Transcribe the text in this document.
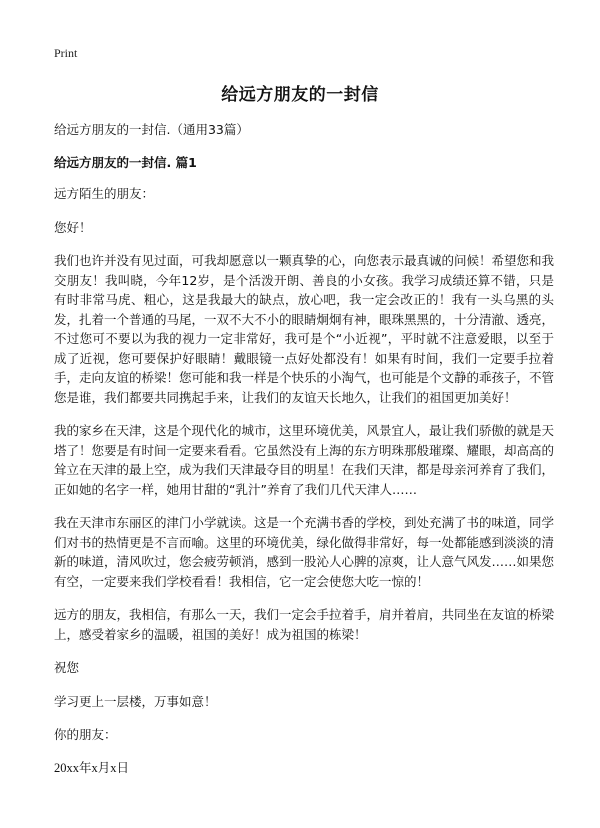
Print
给远方朋友的一封信

给远方朋友的一封信.（通用33篇）

给远方朋友的一封信. 篇1

远方陌生的朋友：

您好！

我们也许并没有见过面，可我却愿意以一颗真挚的心，向您表示最真诚的问候！希望您和我交朋友！我叫晓，今年12岁，是个活泼开朗、善良的小女孩。我学习成绩还算不错，只是有时非常马虎、粗心，这是我最大的缺点，放心吧，我一定会改正的！我有一头乌黑的头发，扎着一个普通的马尾，一双不大不小的眼睛炯炯有神，眼珠黑黑的，十分清澈、透亮，不过您可不要以为我的视力一定非常好，我可是个“小近视”，平时就不注意爱眼，以至于成了近视，您可要保护好眼睛！戴眼镜一点好处都没有！如果有时间，我们一定要手拉着手，走向友谊的桥梁！您可能和我一样是个快乐的小淘气，也可能是个文静的乖孩子，不管您是谁，我们都要共同携起手来，让我们的友谊天长地久，让我们的祖国更加美好！

我的家乡在天津，这是个现代化的城市，这里环境优美，风景宜人，最让我们骄傲的就是天塔了！您要是有时间一定要来看看。它虽然没有上海的东方明珠那般璀璨、耀眼，却高高的耸立在天津的最上空，成为我们天津最夺目的明星！在我们天津，都是母亲河养育了我们，正如她的名字一样，她用甘甜的“乳汁”养育了我们几代天津人……

我在天津市东丽区的津门小学就读。这是一个充满书香的学校，到处充满了书的味道，同学们对书的热情更是不言而喻。这里的环境优美，绿化做得非常好，每一处都能感到淡淡的清新的味道，清风吹过，您会疲劳顿消，感到一股沁人心脾的凉爽，让人意气风发……如果您有空，一定要来我们学校看看！我相信，它一定会使您大吃一惊的！

远方的朋友，我相信，有那么一天，我们一定会手拉着手，肩并着肩，共同坐在友谊的桥梁上，感受着家乡的温暖，祖国的美好！成为祖国的栋梁！

祝您

学习更上一层楼，万事如意！

你的朋友：

20xx年x月x日
